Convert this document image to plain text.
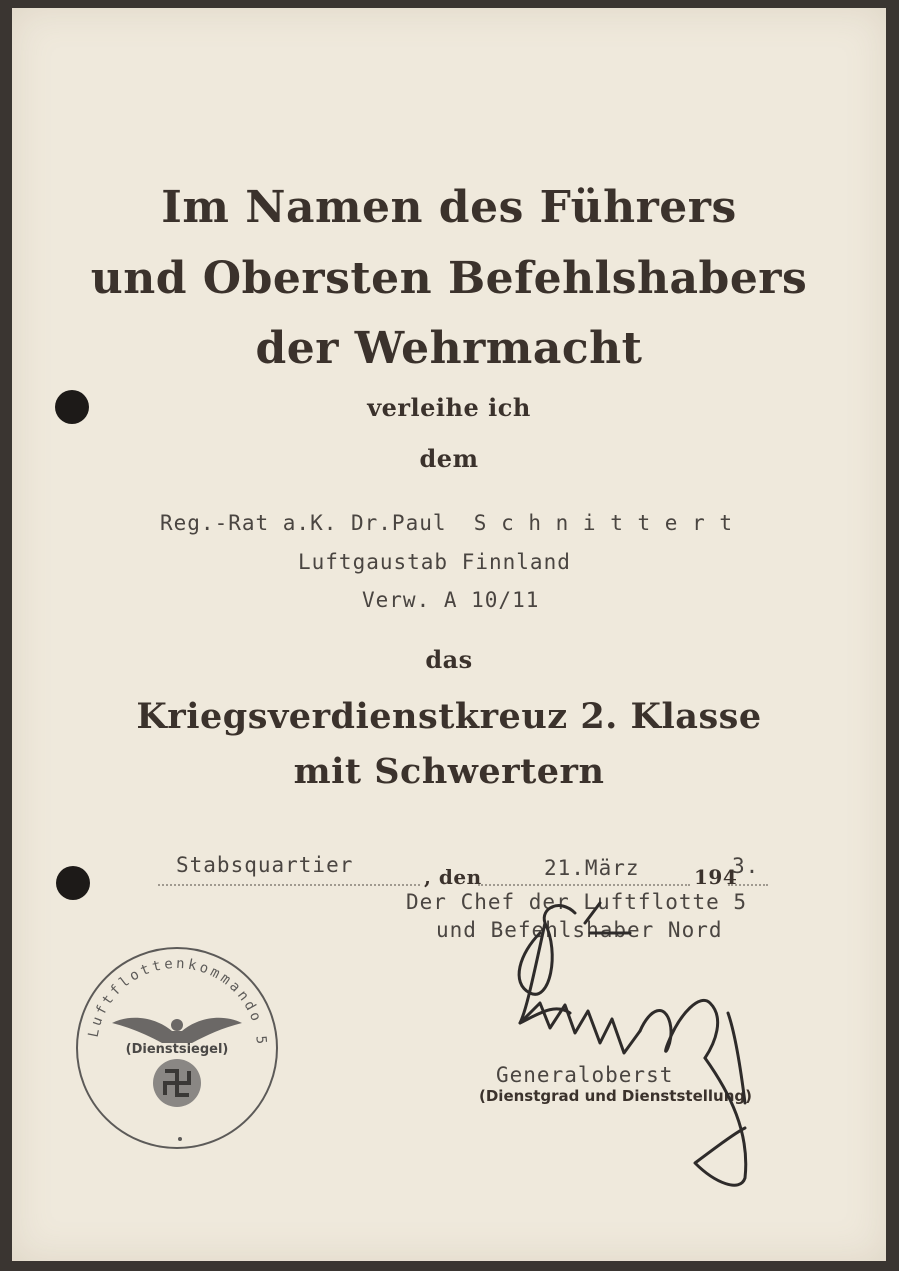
Im Namen des Führers
und Obersten Befehlshabers
der Wehrmacht
verleihe ich
dem
Reg.-Rat a.K. Dr.Paul  S c h n i t t e r t
Luftgaustab Finnland
Verw. A 10/11
das
Kriegsverdienstkreuz 2. Klasse
mit Schwertern
Stabsquartier	, den	21.März	194
3.
Der Chef der Luftflotte 5
und Befehlshaber Nord
Generaloberst
(Dienstgrad und Dienststellung)
Luftflottenkommando 5
(Dienstsiegel)
